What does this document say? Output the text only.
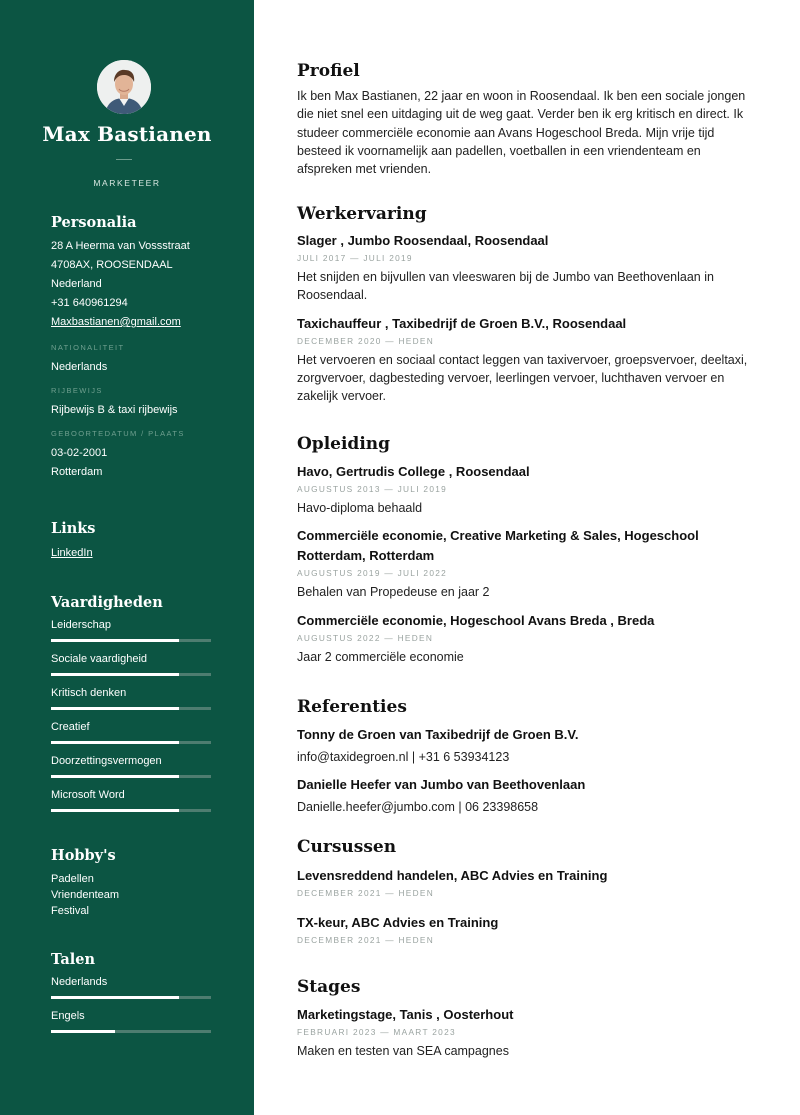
Max Bastianen
MARKETEER
Personalia
28 A Heerma van Vossstraat
4708AX, ROOSENDAAL
Nederland
+31 640961294
Maxbastianen@gmail.com
NATIONALITEIT
Nederlands
RIJBEWIJS
Rijbewijs B & taxi rijbewijs
GEBOORTEDATUM / PLAATS
03-02-2001
Rotterdam
Links
LinkedIn
Vaardigheden
Leiderschap
Sociale vaardigheid
Kritisch denken
Creatief
Doorzettingsvermogen
Microsoft Word
Hobby's
Padellen
Vriendenteam
Festival
Talen
Nederlands
Engels
Profiel
Ik ben Max Bastianen, 22 jaar en woon in Roosendaal. Ik ben een sociale jongen die niet snel een uitdaging uit de weg gaat. Verder ben ik erg kritisch en direct. Ik studeer commerciële economie aan Avans Hogeschool Breda. Mijn vrije tijd besteed ik voornamelijk aan padellen, voetballen in een vriendenteam en afspreken met vrienden.
Werkervaring
Slager , Jumbo Roosendaal, Roosendaal
JULI 2017 — JULI 2019
Het snijden en bijvullen van vleeswaren bij de Jumbo van Beethovenlaan in Roosendaal.
Taxichauffeur , Taxibedrijf de Groen B.V., Roosendaal
DECEMBER 2020 — HEDEN
Het vervoeren en sociaal contact leggen van taxivervoer, groepsvervoer, deeltaxi, zorgvervoer, dagbesteding vervoer, leerlingen vervoer, luchthaven vervoer en zakelijk vervoer.
Opleiding
Havo, Gertrudis College , Roosendaal
AUGUSTUS 2013 — JULI 2019
Havo-diploma behaald
Commerciële economie, Creative Marketing & Sales, Hogeschool Rotterdam, Rotterdam
AUGUSTUS 2019 — JULI 2022
Behalen van Propedeuse en jaar 2
Commerciële economie, Hogeschool Avans Breda , Breda
AUGUSTUS 2022 — HEDEN
Jaar 2 commerciële economie
Referenties
Tonny de Groen van Taxibedrijf de Groen B.V.
info@taxidegroen.nl | +31 6 53934123
Danielle Heefer van Jumbo van Beethovenlaan
Danielle.heefer@jumbo.com | 06 23398658
Cursussen
Levensreddend handelen, ABC Advies en Training
DECEMBER 2021 — HEDEN
TX-keur, ABC Advies en Training
DECEMBER 2021 — HEDEN
Stages
Marketingstage, Tanis , Oosterhout
FEBRUARI 2023 — MAART 2023
Maken en testen van SEA campagnes
